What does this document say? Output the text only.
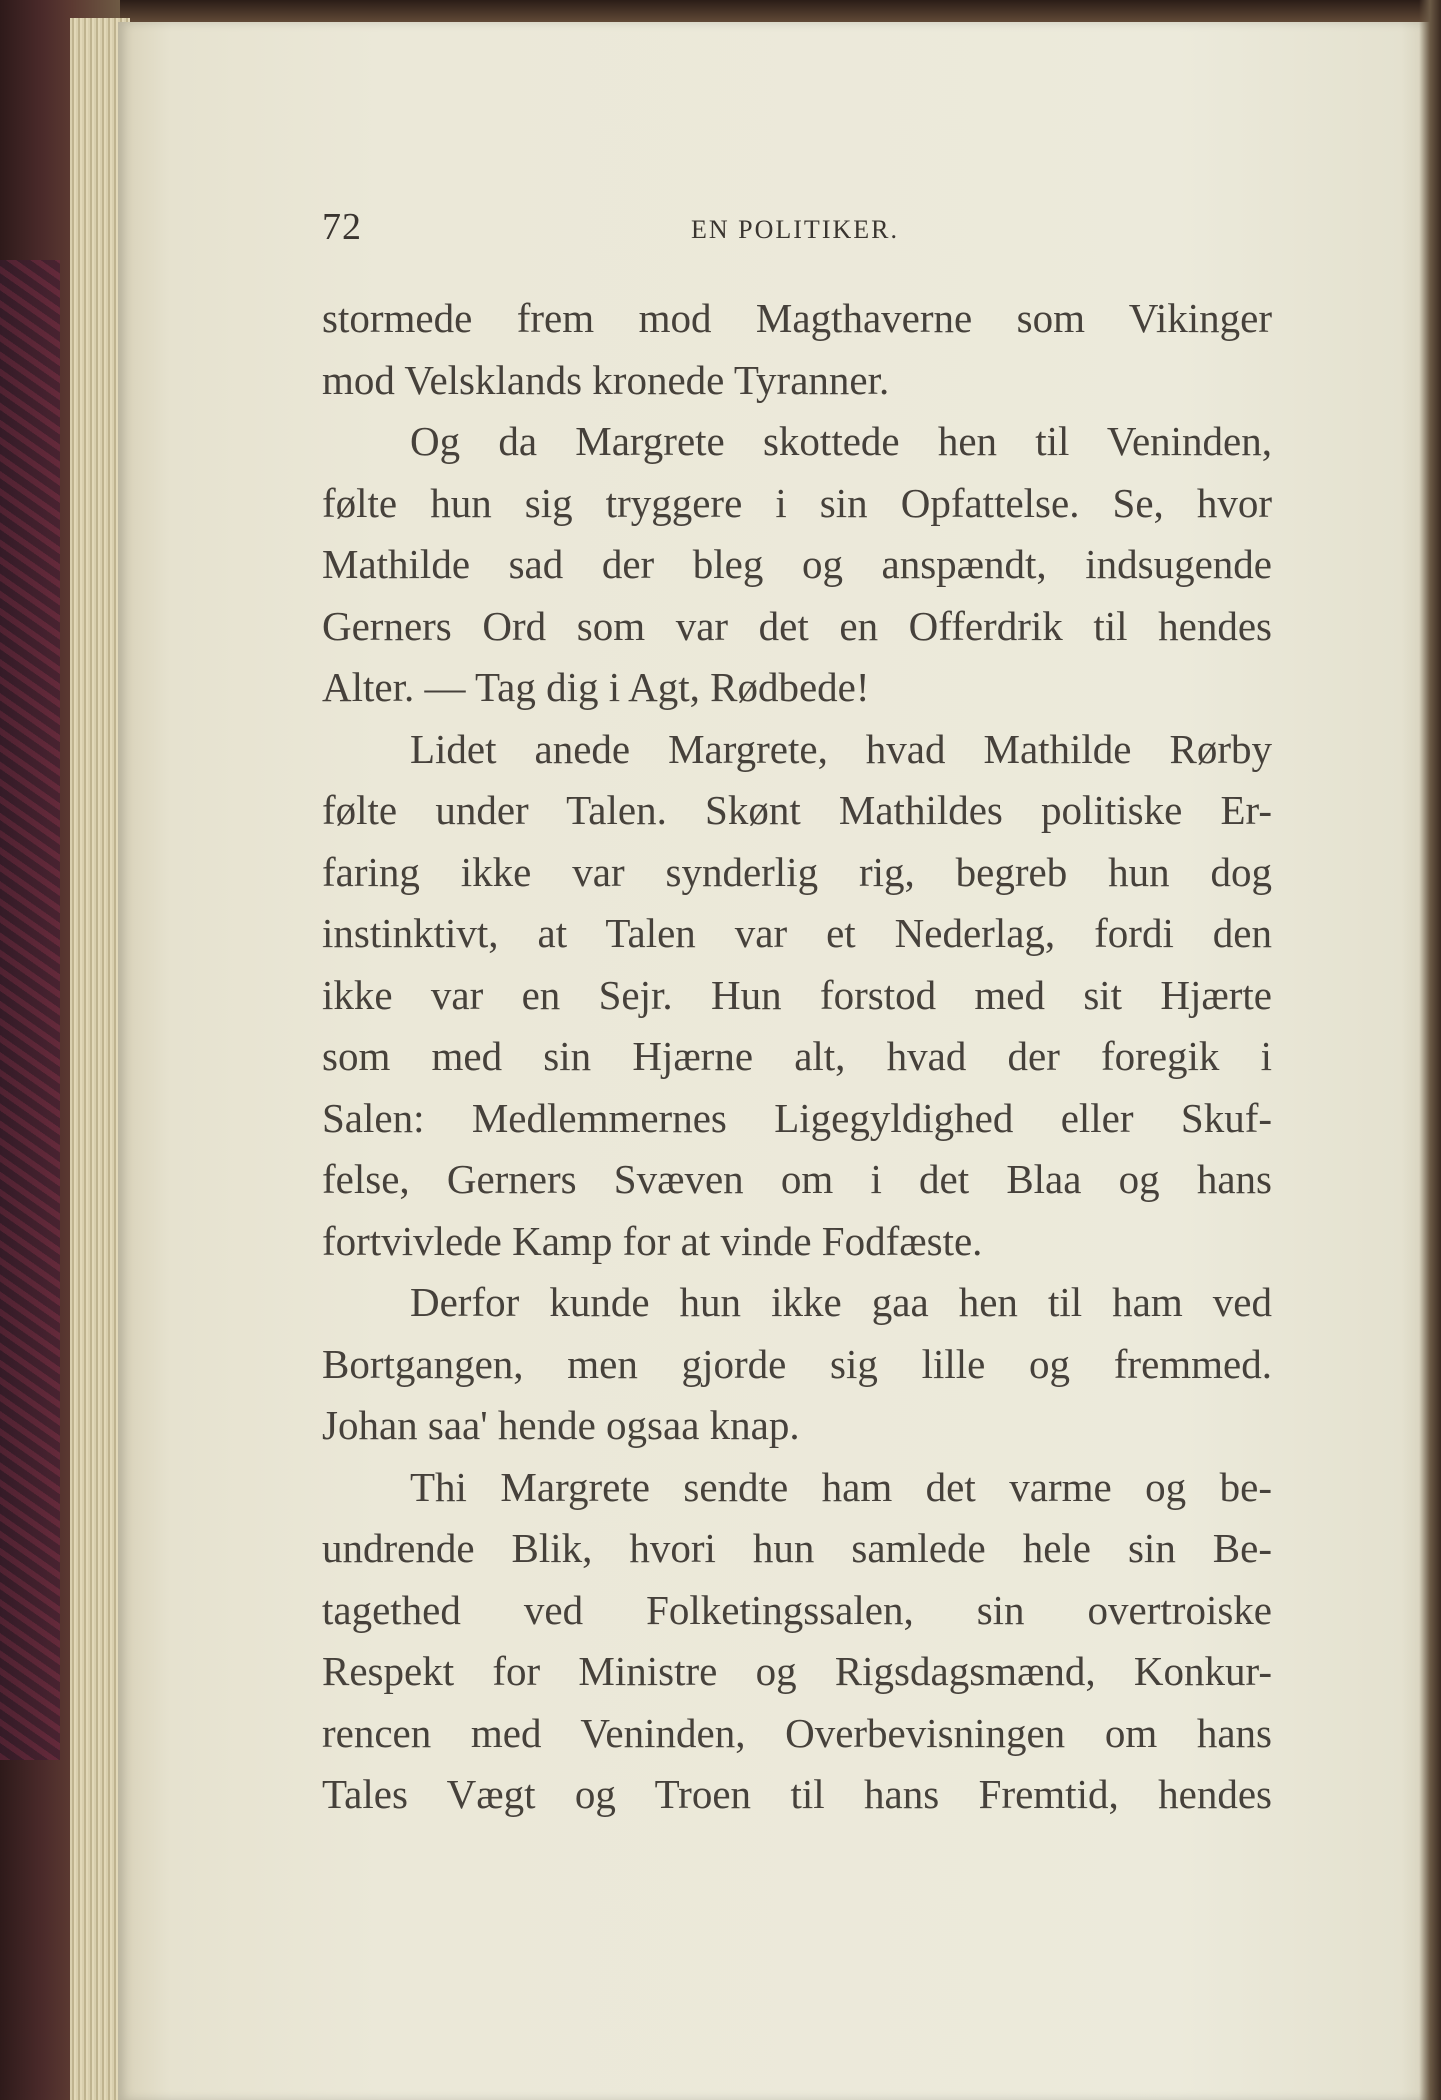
72	EN POLITIKER.
stormede frem mod Magthaverne som Vikinger
mod Velsklands kronede Tyranner.
Og da Margrete skottede hen til Veninden,
følte hun sig tryggere i sin Opfattelse. Se, hvor
Mathilde sad der bleg og anspændt, indsugende
Gerners Ord som var det en Offerdrik til hendes
Alter. — Tag dig i Agt, Rødbede!
Lidet anede Margrete, hvad Mathilde Rørby
følte under Talen. Skønt Mathildes politiske Er-
faring ikke var synderlig rig, begreb hun dog
instinktivt, at Talen var et Nederlag, fordi den
ikke var en Sejr. Hun forstod med sit Hjærte
som med sin Hjærne alt, hvad der foregik i
Salen: Medlemmernes Ligegyldighed eller Skuf-
felse, Gerners Svæven om i det Blaa og hans
fortvivlede Kamp for at vinde Fodfæste.
Derfor kunde hun ikke gaa hen til ham ved
Bortgangen, men gjorde sig lille og fremmed.
Johan saa' hende ogsaa knap.
Thi Margrete sendte ham det varme og be-
undrende Blik, hvori hun samlede hele sin Be-
tagethed ved Folketingssalen, sin overtroiske
Respekt for Ministre og Rigsdagsmænd, Konkur-
rencen med Veninden, Overbevisningen om hans
Tales Vægt og Troen til hans Fremtid, hendes
